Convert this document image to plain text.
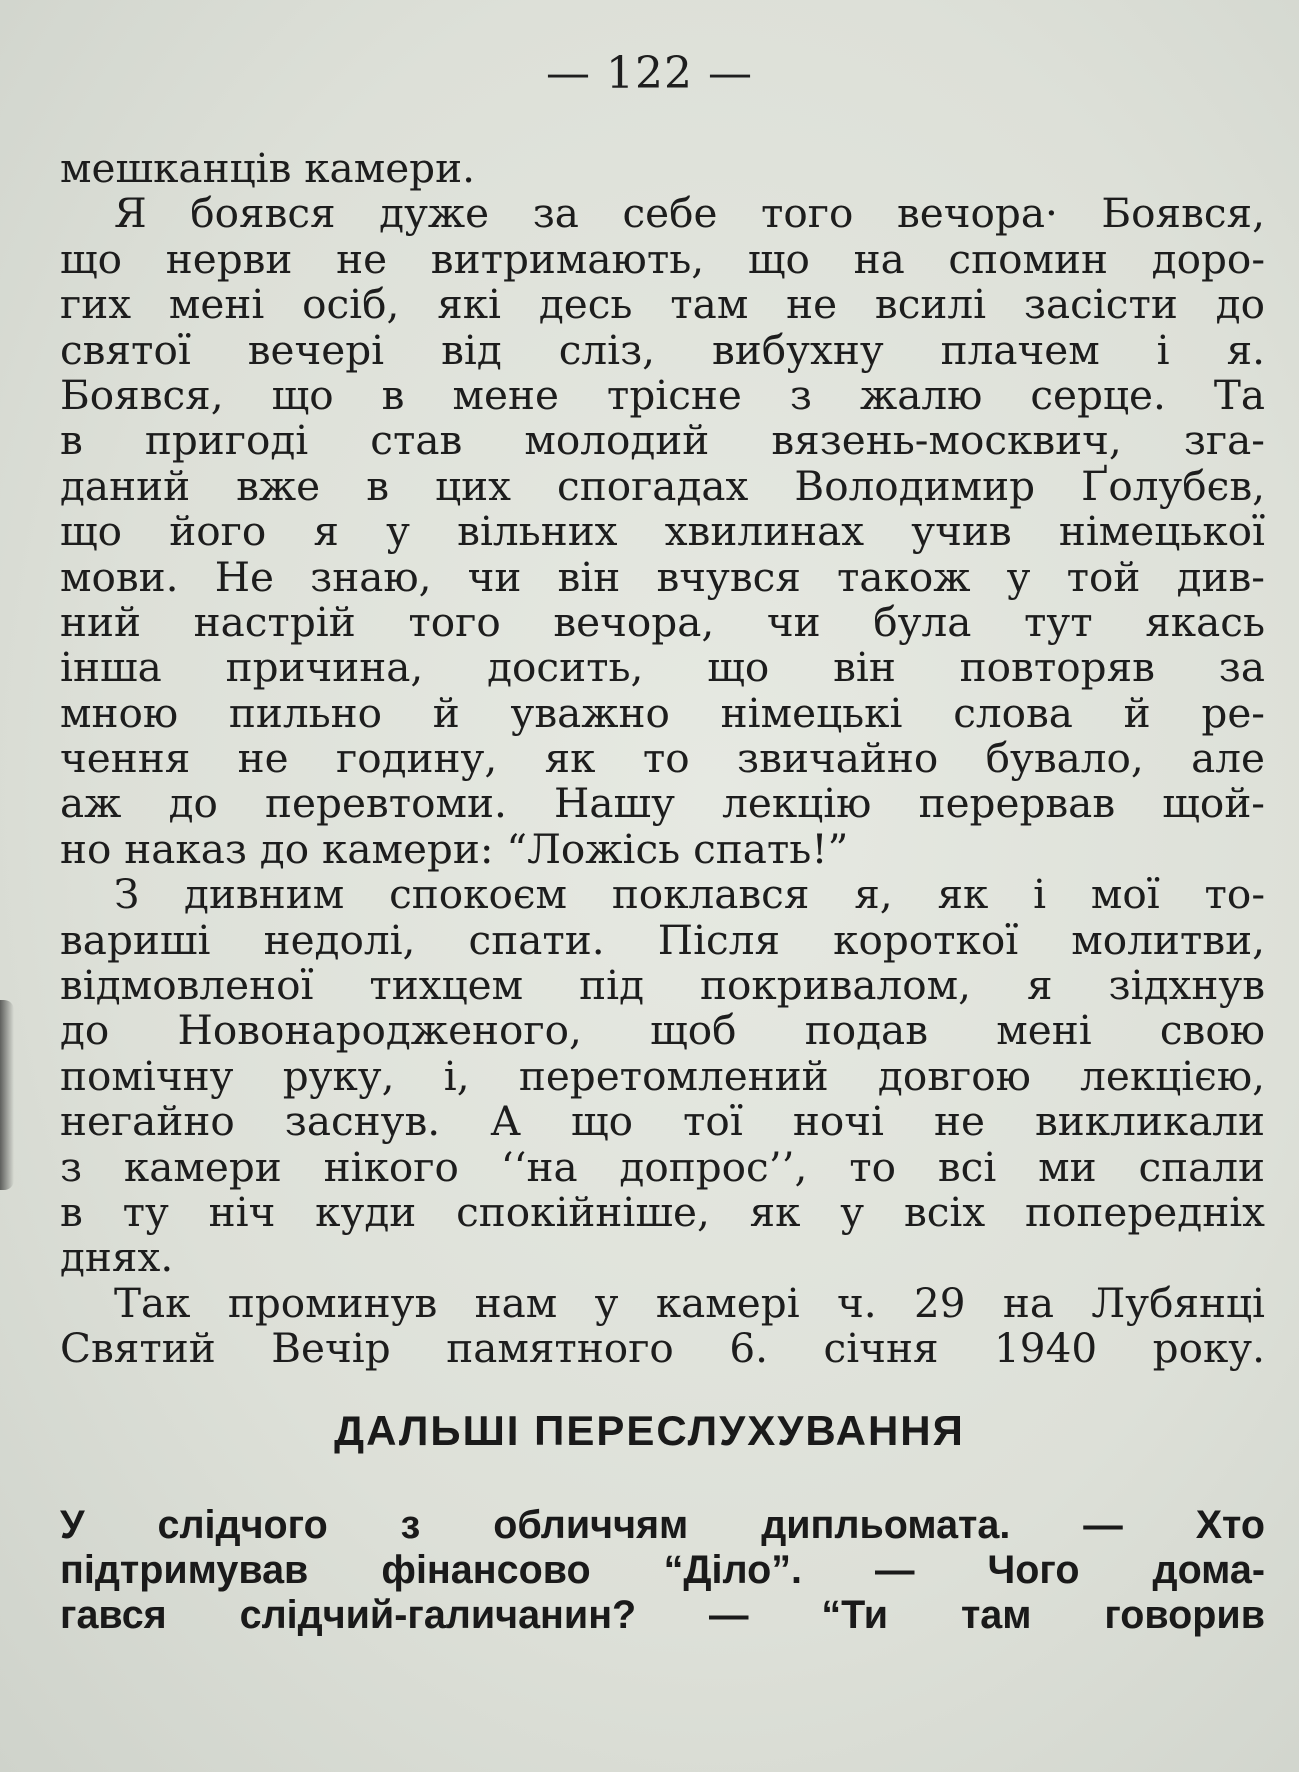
— 122 —
мешканців камери.
Я боявся дуже за себе того вечора· Боявся,
що нерви не витримають, що на спомин доро-
гих мені осіб, які десь там не всилі засісти до
святої вечері від сліз, вибухну плачем і я.
Боявся, що в мене трісне з жалю серце. Та
в пригоді став молодий вязень-москвич, зга-
даний вже в цих спогадах Володимир Ґолубєв,
що його я у вільних хвилинах учив німецької
мови. Не знаю, чи він вчувся також у той див-
ний настрій того вечора, чи була тут якась
інша причина, досить, що він повторяв за
мною пильно й уважно німецькі слова й ре-
чення не годину, як то звичайно бувало, але
аж до перевтоми. Нашу лекцію перервав щой-
но наказ до камери: “Ложісь спать!”
З дивним спокоєм поклався я, як і мої то-
вариші недолі, спати. Після короткої молитви,
відмовленої тихцем під покривалом, я зідхнув
до Новонародженого, щоб подав мені свою
помічну руку, і, перетомлений довгою лекцією,
негайно заснув. А що тої ночі не викликали
з камери нікого ‘‘на допрос’’, то всі ми спали
в ту ніч куди спокійніше, як у всіх попередніх
днях.
Так проминув нам у камері ч. 29 на Лубянці
Святий Вечір памятного 6. січня 1940 року.
ДАЛЬШІ ПЕРЕСЛУХУВАННЯ
У слідчого з обличчям дипльомата. — Хто
підтримував фінансово “Діло”. — Чого дома-
гався слідчий-галичанин? — “Ти там говорив
